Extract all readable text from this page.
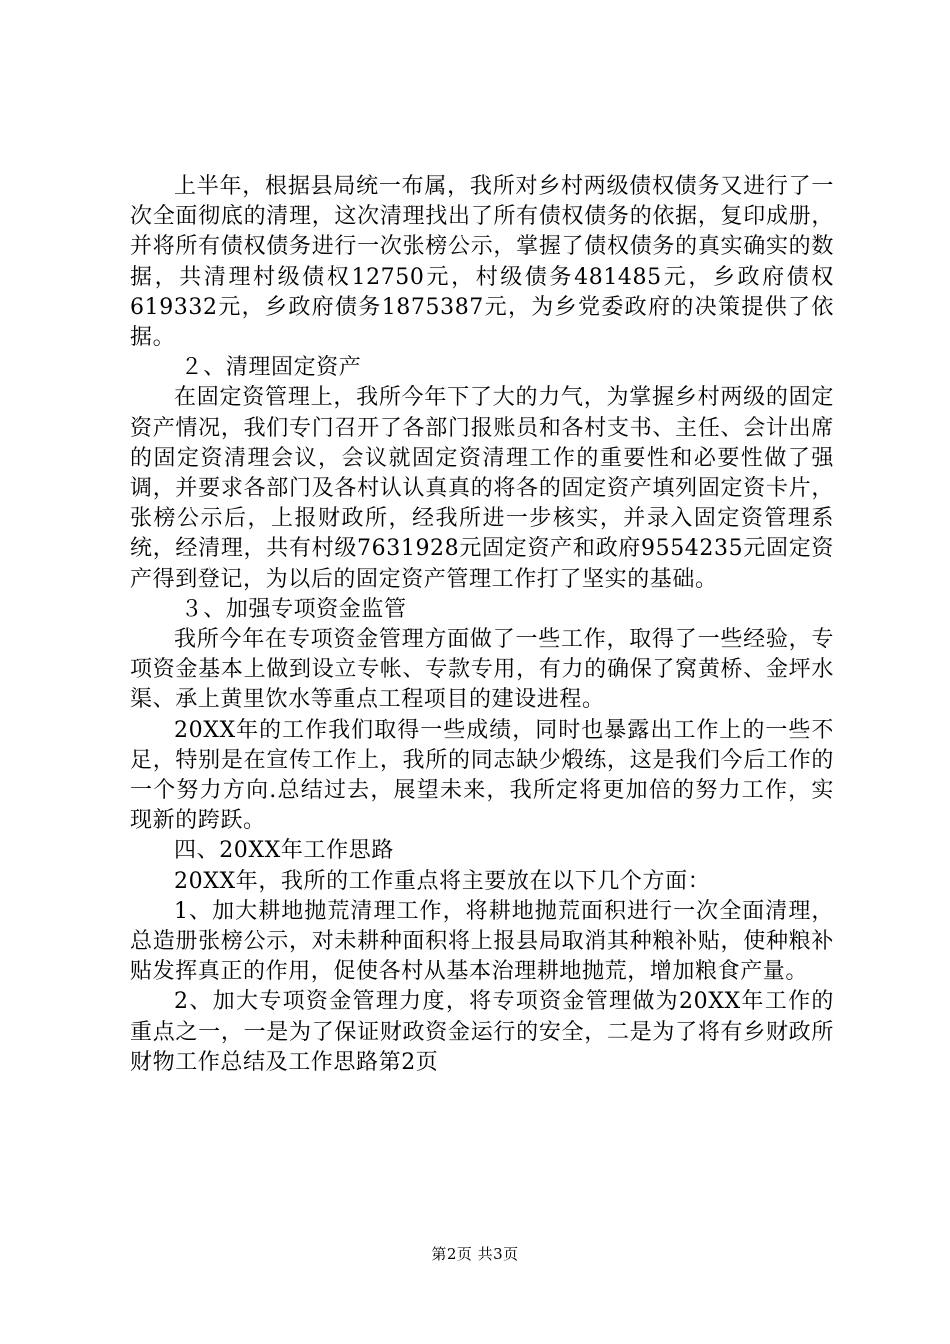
上半年，根据县局统一布属，我所对乡村两级债权债务又进行了一次全面彻底的清理，这次清理找出了所有债权债务的依据，复印成册，并将所有债权债务进行一次张榜公示，掌握了债权债务的真实确实的数据，共清理村级债权12750元，村级债务481485元，乡政府债权619332元，乡政府债务1875387元，为乡党委政府的决策提供了依据。

２、清理固定资产

在固定资管理上，我所今年下了大的力气，为掌握乡村两级的固定资产情况，我们专门召开了各部门报账员和各村支书、主任、会计出席的固定资清理会议，会议就固定资清理工作的重要性和必要性做了强调，并要求各部门及各村认认真真的将各的固定资产填列固定资卡片，张榜公示后，上报财政所，经我所进一步核实，并录入固定资管理系统，经清理，共有村级7631928元固定资产和政府9554235元固定资产得到登记，为以后的固定资产管理工作打了坚实的基础。

３、加强专项资金监管

我所今年在专项资金管理方面做了一些工作，取得了一些经验，专项资金基本上做到设立专帐、专款专用，有力的确保了窝黄桥、金坪水渠、承上黄里饮水等重点工程项目的建设进程。

20XX年的工作我们取得一些成绩，同时也暴露出工作上的一些不足，特别是在宣传工作上，我所的同志缺少煅练，这是我们今后工作的一个努力方向.总结过去，展望未来，我所定将更加倍的努力工作，实现新的跨跃。

四、20XX年工作思路

20XX年，我所的工作重点将主要放在以下几个方面：

1、加大耕地抛荒清理工作，将耕地抛荒面积进行一次全面清理，总造册张榜公示，对未耕种面积将上报县局取消其种粮补贴，使种粮补贴发挥真正的作用，促使各村从基本治理耕地抛荒，增加粮食产量。

2、加大专项资金管理力度，将专项资金管理做为20XX年工作的重点之一，一是为了保证财政资金运行的安全，二是为了将有乡财政所财物工作总结及工作思路第2页

第2页 共3页
